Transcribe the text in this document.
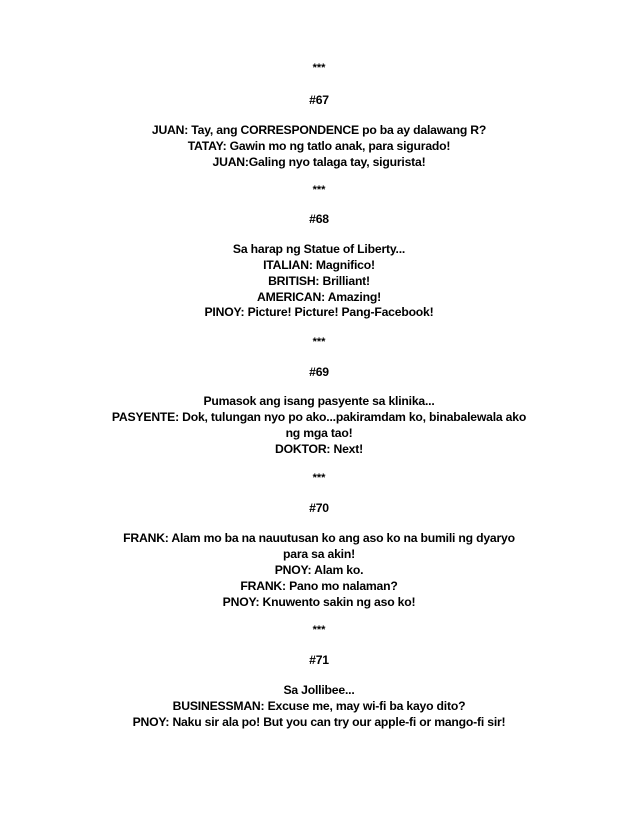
***
#67
JUAN: Tay, ang CORRESPONDENCE po ba ay dalawang R?
TATAY: Gawin mo ng tatlo anak, para sigurado!
JUAN:Galing nyo talaga tay, sigurista!
***
#68
Sa harap ng Statue of Liberty...
ITALIAN: Magnifico!
BRITISH: Brilliant!
AMERICAN: Amazing!
PINOY: Picture! Picture! Pang-Facebook!
***
#69
Pumasok ang isang pasyente sa klinika...
PASYENTE: Dok, tulungan nyo po ako...pakiramdam ko, binabalewala ako
ng mga tao!
DOKTOR: Next!
***
#70
FRANK: Alam mo ba na nauutusan ko ang aso ko na bumili ng dyaryo
para sa akin!
PNOY: Alam ko.
FRANK: Pano mo nalaman?
PNOY: Knuwento sakin ng aso ko!
***
#71
Sa Jollibee...
BUSINESSMAN: Excuse me, may wi-fi ba kayo dito?
PNOY: Naku sir ala po! But you can try our apple-fi or mango-fi sir!
